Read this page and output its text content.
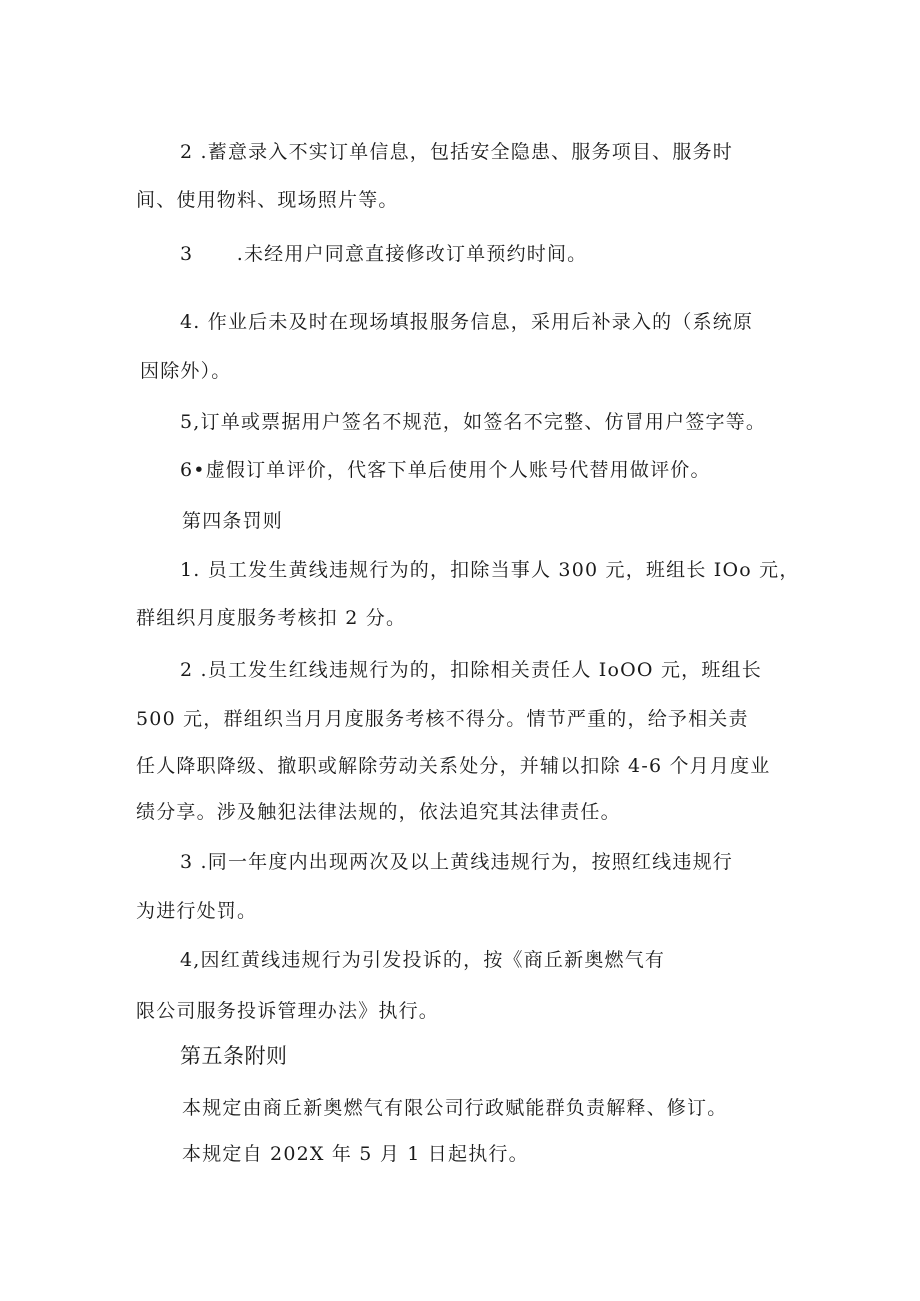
2 .蓄意录入不实订单信息，包括安全隐患、服务项目、服务时
间、使用物料、现场照片等。
3      .未经用户同意直接修改订单预约时间。
4. 作业后未及时在现场填报服务信息，采用后补录入的（系统原
因除外）。
5,订单或票据用户签名不规范，如签名不完整、仿冒用户签字等。
6•虚假订单评价，代客下单后使用个人账号代替用做评价。
第四条罚则
1. 员工发生黄线违规行为的，扣除当事人 300 元，班组长 IOo 元，
群组织月度服务考核扣 2 分。
2 .员工发生红线违规行为的，扣除相关责任人 IoOO 元，班组长
500 元，群组织当月月度服务考核不得分。情节严重的，给予相关责
任人降职降级、撤职或解除劳动关系处分，并辅以扣除 4-6 个月月度业
绩分享。涉及触犯法律法规的，依法追究其法律责任。
3 .同一年度内出现两次及以上黄线违规行为，按照红线违规行
为进行处罚。
4,因红黄线违规行为引发投诉的，按《商丘新奥燃气有
限公司服务投诉管理办法》执行。
第五条附则
本规定由商丘新奥燃气有限公司行政赋能群负责解释、修订。
本规定自 202X 年 5 月 1 日起执行。
